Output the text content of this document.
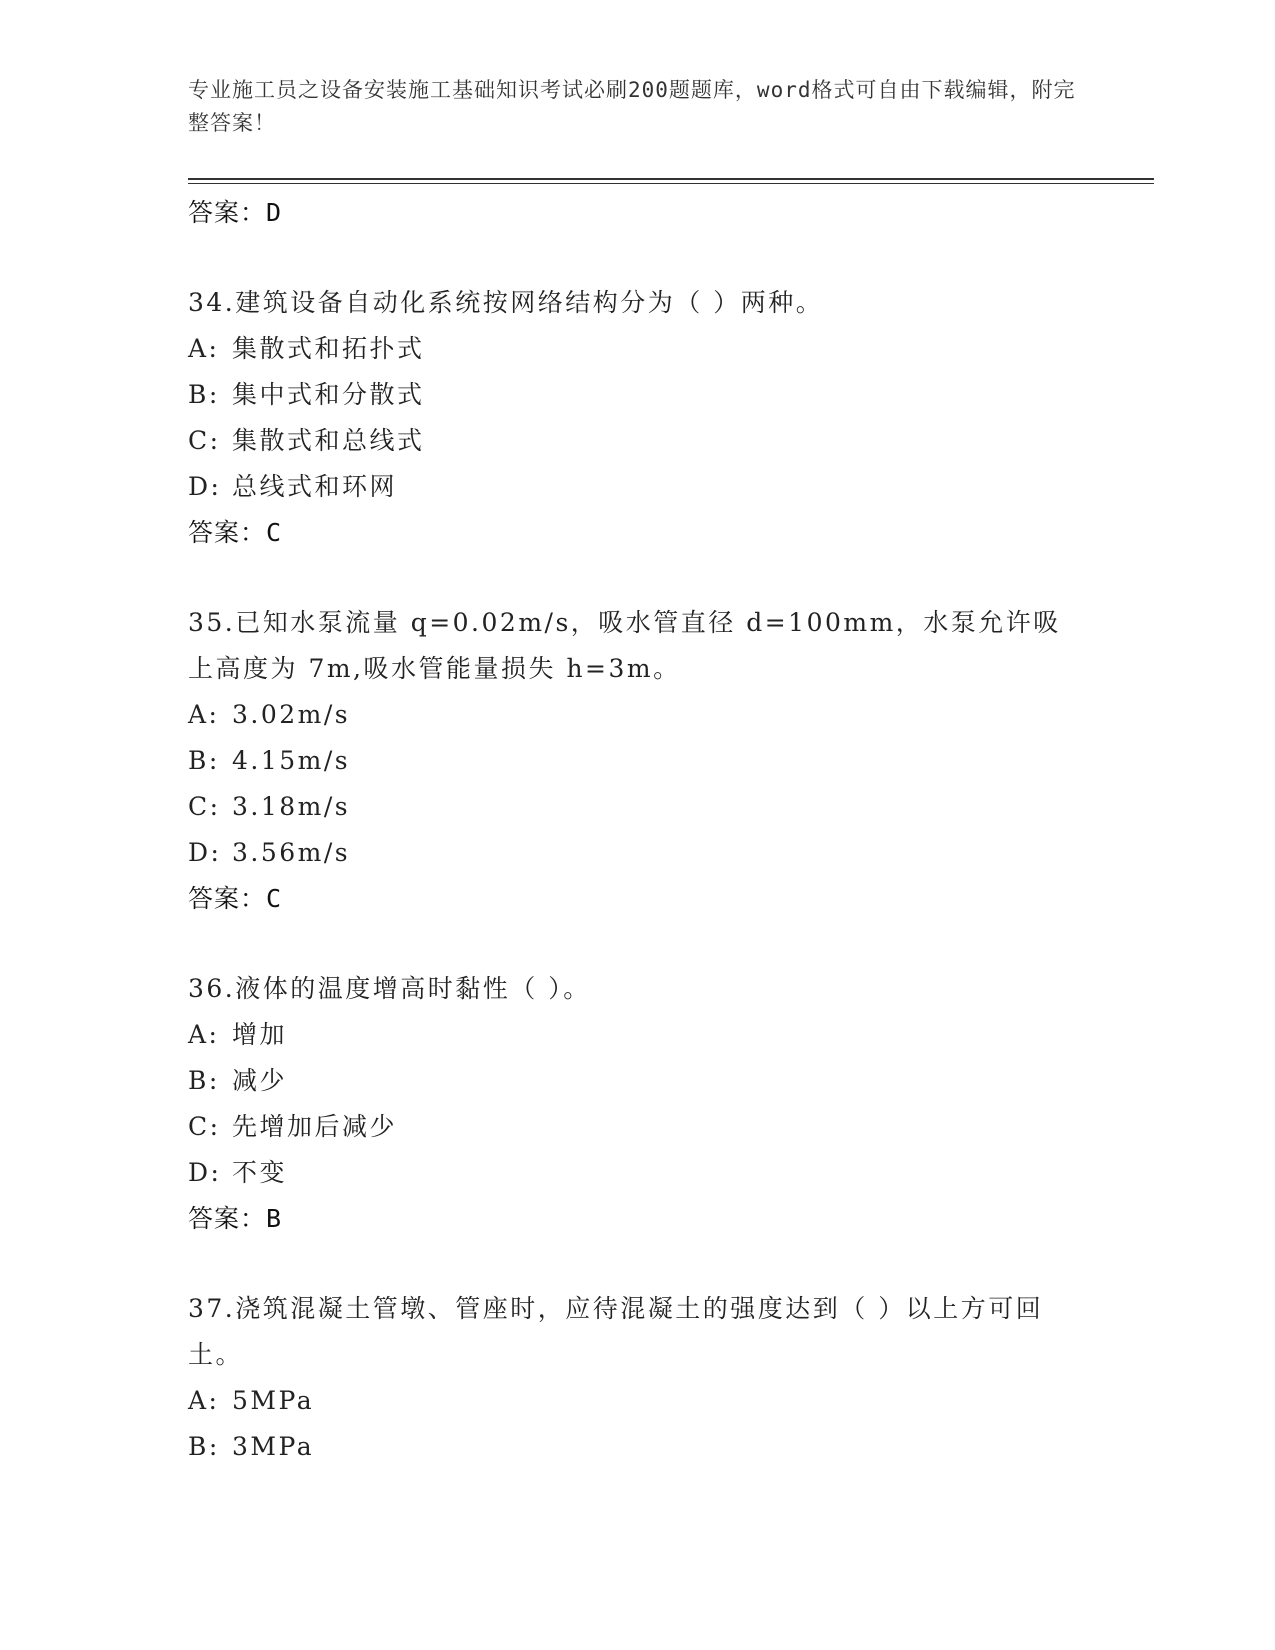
专业施工员之设备安装施工基础知识考试必刷200题题库，word格式可自由下载编辑，附完整答案！
答案：D
34.建筑设备自动化系统按网络结构分为（ ）两种。
A: 集散式和拓扑式
B: 集中式和分散式
C: 集散式和总线式
D: 总线式和环网
答案：C
35.已知水泵流量 q=0.02m/s，吸水管直径 d=100mm，水泵允许吸上高度为 7m,吸水管能量损失 h=3m。
A: 3.02m/s
B: 4.15m/s
C: 3.18m/s
D: 3.56m/s
答案：C
36.液体的温度增高时黏性（ ）。
A: 增加
B: 减少
C: 先增加后减少
D: 不变
答案：B
37.浇筑混凝土管墩、管座时，应待混凝土的强度达到（ ）以上方可回土。
A: 5MPa
B: 3MPa
